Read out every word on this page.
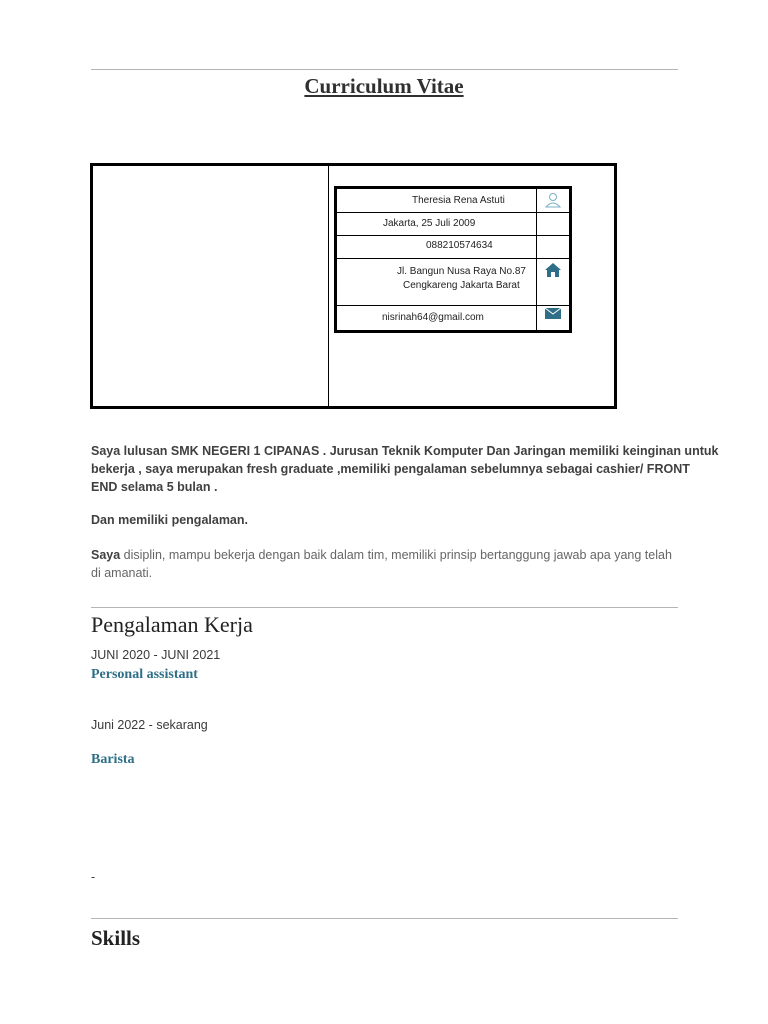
Curriculum Vitae
Theresia Rena Astuti
Jakarta, 25 Juli 2009
088210574634
Jl. Bangun Nusa Raya No.87
Cengkareng Jakarta Barat
nisrinah64@gmail.com
Saya lulusan SMK NEGERI 1 CIPANAS . Jurusan Teknik Komputer Dan Jaringan memiliki keinginan untuk
bekerja , saya merupakan fresh graduate ,memiliki pengalaman sebelumnya sebagai cashier/ FRONT
END selama 5 bulan .
Dan memiliki pengalaman.
Saya disiplin, mampu bekerja dengan baik dalam tim, memiliki prinsip bertanggung jawab apa yang telah
di amanati.
Pengalaman Kerja
JUNI 2020 - JUNI 2021
Personal assistant
Juni 2022 - sekarang
Barista
-
Skills
